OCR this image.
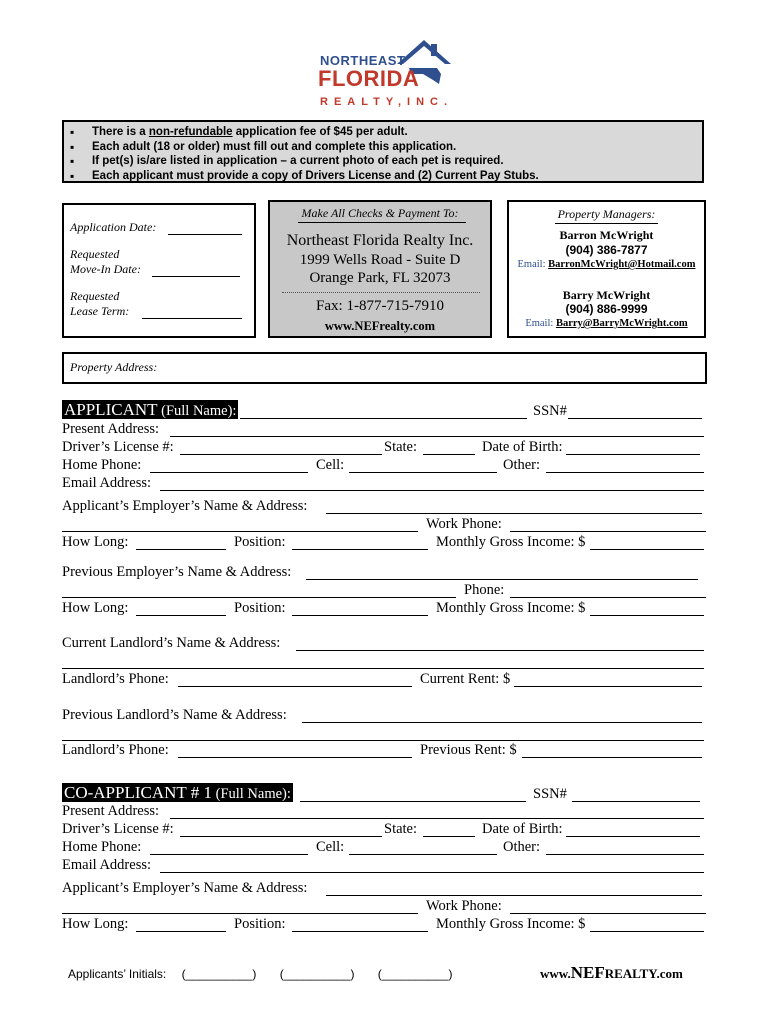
NORTHEAST
FLORIDA
REALTY,INC.
▪ There is a non-refundable application fee of $45 per adult.
▪ Each adult (18 or older) must fill out and complete this application.
▪ If pet(s) is/are listed in application – a current photo of each pet is required.
▪ Each applicant must provide a copy of Drivers License and (2) Current Pay Stubs.
Application Date:
Requested
Move-In Date:
Requested
Lease Term:
Make All Checks & Payment To:
Northeast Florida Realty Inc.
1999 Wells Road - Suite D
Orange Park, FL 32073
Fax: 1-877-715-7910
www.NEFrealty.com
Property Managers:
Barron McWright
(904) 386-7877
Email: BarronMcWright@Hotmail.com
Barry McWright
(904) 886-9999
Email: Barry@BarryMcWright.com
Property Address:
APPLICANT (Full Name):	SSN#
Present Address:
Driver’s License #:	State:	Date of Birth:
Home Phone:	Cell:	Other:
Email Address:
Applicant’s Employer’s Name & Address:
Work Phone:
How Long:	Position:	Monthly Gross Income: $
Previous Employer’s Name & Address:
Phone:
How Long:	Position:	Monthly Gross Income: $
Current Landlord’s Name & Address:
Landlord’s Phone:	Current Rent: $
Previous Landlord’s Name & Address:
Landlord’s Phone:	Previous Rent: $
CO-APPLICANT # 1 (Full Name):	SSN#
Present Address:
Driver’s License #:	State:	Date of Birth:
Home Phone:	Cell:	Other:
Email Address:
Applicant’s Employer’s Name & Address:
Work Phone:
How Long:	Position:	Monthly Gross Income: $
Applicants’ Initials: (__________) (__________) (__________)	www.NEFREALTY.com
